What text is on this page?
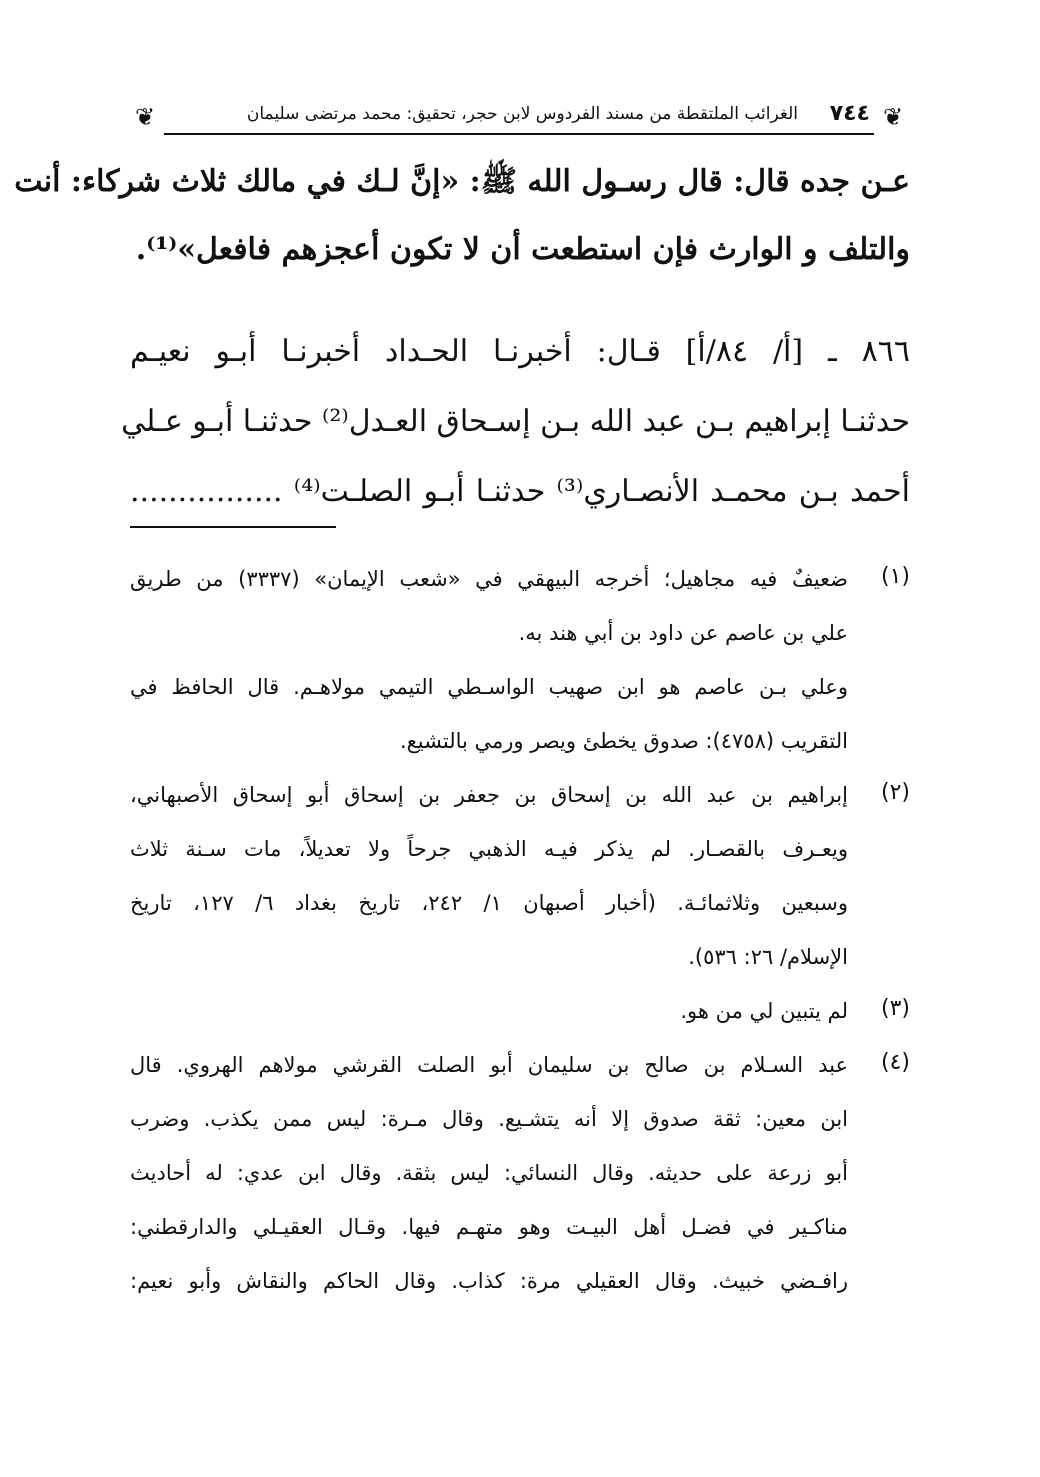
❦	٧٤٤
الغرائب الملتقطة من مسند الفردوس لابن حجر، تحقيق: محمد مرتضى سليمان	❦
عـن جده قال: قال رسـول الله ﷺ: «إنَّ لـك في مالك ثلاث شركاء: أنت
والتلف و الوارث فإن استطعت أن لا تكون أعجزهم فافعل»⁽¹⁾.
٨٦٦ ـ [أ/ ٨٤/أ] قـال: أخبرنـا الحـداد أخبرنـا أبـو نعيـم
حدثنـا إبراهيم بـن عبد الله بـن إسـحاق العـدل⁽²⁾ حدثنـا أبـو عـلي
أحمد بـن محمـد الأنصـاري⁽³⁾ حدثنـا أبـو الصلـت⁽⁴⁾ ................
(١)
ضعيفٌ فيه مجاهيل؛ أخرجه البيهقي في «شعب الإيمان» (٣٣٣٧) من طريق
علي بن عاصم عن داود بن أبي هند به.
وعلي بـن عاصم هو ابن صهيب الواسـطي التيمي مولاهـم. قال الحافظ في
التقريب (٤٧٥٨): صدوق يخطئ ويصر ورمي بالتشيع.
(٢)
إبراهيم بن عبد الله بن إسحاق بن جعفر بن إسحاق أبو إسحاق الأصبهاني،
ويعـرف بالقصـار. لم يذكر فيـه الذهبي جرحاً ولا تعديلاً، مات سـنة ثلاث
وسبعين وثلاثمائـة. (أخبار أصبهان ١/ ٢٤٢، تاريخ بغداد ٦/ ١٢٧، تاريخ
الإسلام/ ٢٦: ٥٣٦).
(٣)
لم يتبين لي من هو.
(٤)
عبد السـلام بن صالح بن سليمان أبو الصلت القرشي مولاهم الهروي. قال
ابن معين: ثقة صدوق إلا أنه يتشـيع. وقال مـرة: ليس ممن يكذب. وضرب
أبو زرعة على حديثه. وقال النسائي: ليس بثقة. وقال ابن عدي: له أحاديث
مناكـير في فضـل أهل البيـت وهو متهـم فيها. وقـال العقيـلي والدارقطني:
رافـضي خبيث. وقال العقيلي مرة: كذاب. وقال الحاكم والنقاش وأبو نعيم:
